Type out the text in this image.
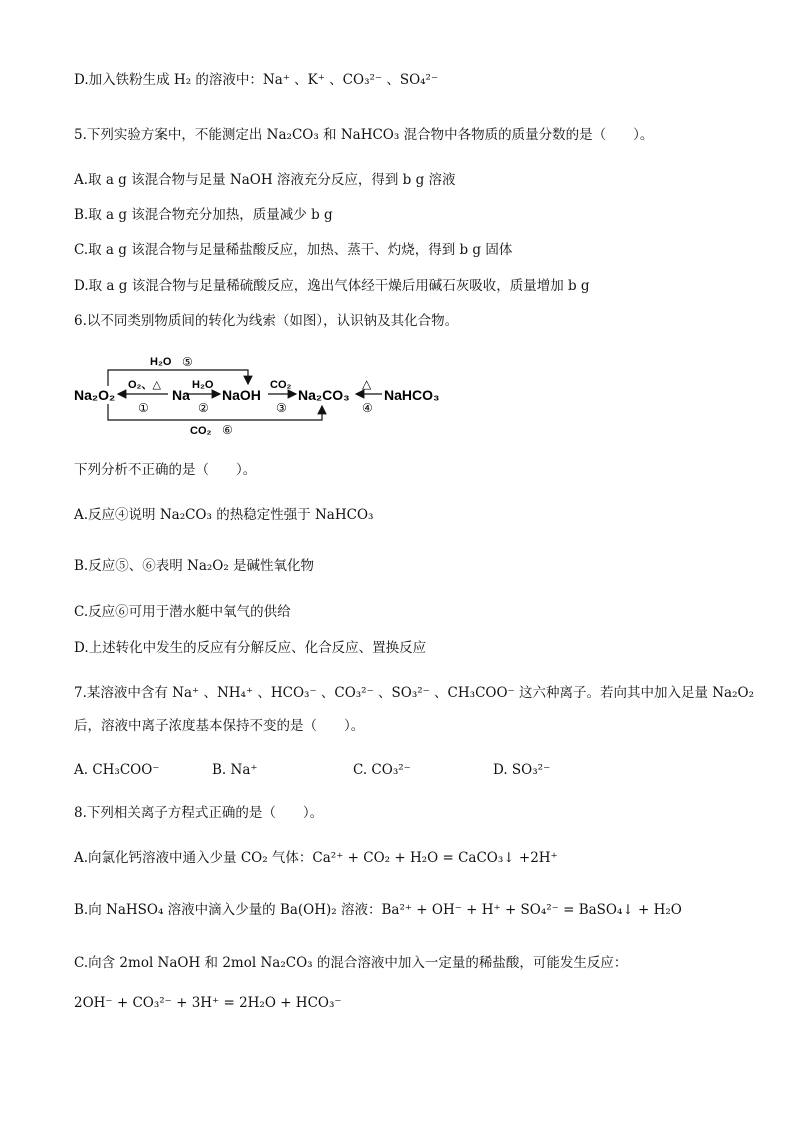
D.加入铁粉生成 H₂ 的溶液中：Na⁺ 、K⁺ 、CO₃²⁻ 、SO₄²⁻
5.下列实验方案中，不能测定出 Na₂CO₃ 和 NaHCO₃ 混合物中各物质的质量分数的是（　　）。
A.取 a g 该混合物与足量 NaOH 溶液充分反应，得到 b g 溶液
B.取 a g 该混合物充分加热，质量减少 b g
C.取 a g 该混合物与足量稀盐酸反应，加热、蒸干、灼烧，得到 b g 固体
D.取 a g 该混合物与足量稀硫酸反应，逸出气体经干燥后用碱石灰吸收，质量增加 b g
6.以不同类别物质间的转化为线索（如图），认识钠及其化合物。
Na₂O₂	Na NaOH	Na₂CO₃ NaHCO₃
O₂、△
①
H₂O
②
CO₂
③
△
④
H₂O ⑤
CO₂ ⑥
下列分析不正确的是（　　）。
A.反应④说明 Na₂CO₃ 的热稳定性强于 NaHCO₃
B.反应⑤、⑥表明 Na₂O₂ 是碱性氧化物
C.反应⑥可用于潜水艇中氧气的供给
D.上述转化中发生的反应有分解反应、化合反应、置换反应
7.某溶液中含有 Na⁺ 、NH₄⁺ 、HCO₃⁻ 、CO₃²⁻ 、SO₃²⁻ 、CH₃COO⁻ 这六种离子。若向其中加入足量 Na₂O₂
后，溶液中离子浓度基本保持不变的是（　　）。
A. CH₃COO⁻	B. Na⁺	C. CO₃²⁻	D. SO₃²⁻
8.下列相关离子方程式正确的是（　　）。
A.向氯化钙溶液中通入少量 CO₂ 气体：Ca²⁺ + CO₂ + H₂O = CaCO₃↓ +2H⁺
B.向 NaHSO₄ 溶液中滴入少量的 Ba(OH)₂ 溶液：Ba²⁺ + OH⁻ + H⁺ + SO₄²⁻ = BaSO₄↓ + H₂O
C.向含 2mol NaOH 和 2mol Na₂CO₃ 的混合溶液中加入一定量的稀盐酸，可能发生反应：
2OH⁻ + CO₃²⁻ + 3H⁺ = 2H₂O + HCO₃⁻
